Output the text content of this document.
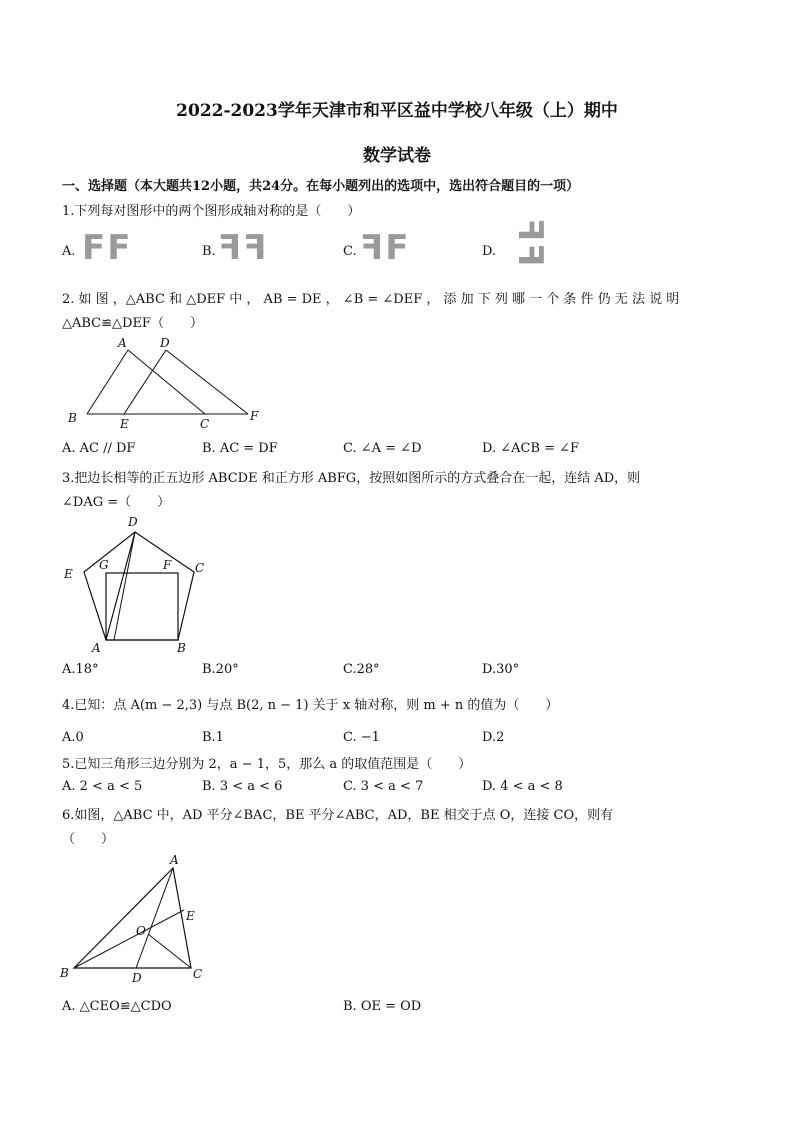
2022-2023学年天津市和平区益中学校八年级（上）期中
数学试卷
一、选择题（本大题共12小题，共24分。在每小题列出的选项中，选出符合题目的一项）
1.下列每对图形中的两个图形成轴对称的是（　　）
A. FF	B. ꟻꟻ	C. ꟻF	D. ꟻꟻ
2. 如 图 ，△ABC 和 △DEF 中 ， AB = DE ， ∠B = ∠DEF ， 添 加 下 列 哪 一 个 条 件 仍 无 法 说 明
△ABC≌△DEF（　　）
A	D
B	E	C
F
A. AC // DF	B. AC = DF	C. ∠A = ∠D	D. ∠ACB = ∠F
3.把边长相等的正五边形 ABCDE 和正方形 ABFG，按照如图所示的方式叠合在一起，连结 AD，则
∠DAG =（　　）
D
E
G	F C
A	B
A.18°	B.20°	C.28°	D.30°
4.已知：点 A(m − 2,3) 与点 B(2, n − 1) 关于 x 轴对称，则 m + n 的值为（　　）
A.0	B.1	C. −1	D.2
5.已知三角形三边分别为 2，a − 1，5，那么 a 的取值范围是（　　）
A. 2 < a < 5	B. 3 < a < 6	C. 3 < a < 7	D. 4 < a < 8
6.如图，△ABC 中，AD 平分∠BAC，BE 平分∠ABC，AD，BE 相交于点 O，连接 CO，则有
（　　）
A
E
O
B	D	C
A. △CEO≌△CDO	B. OE = OD
